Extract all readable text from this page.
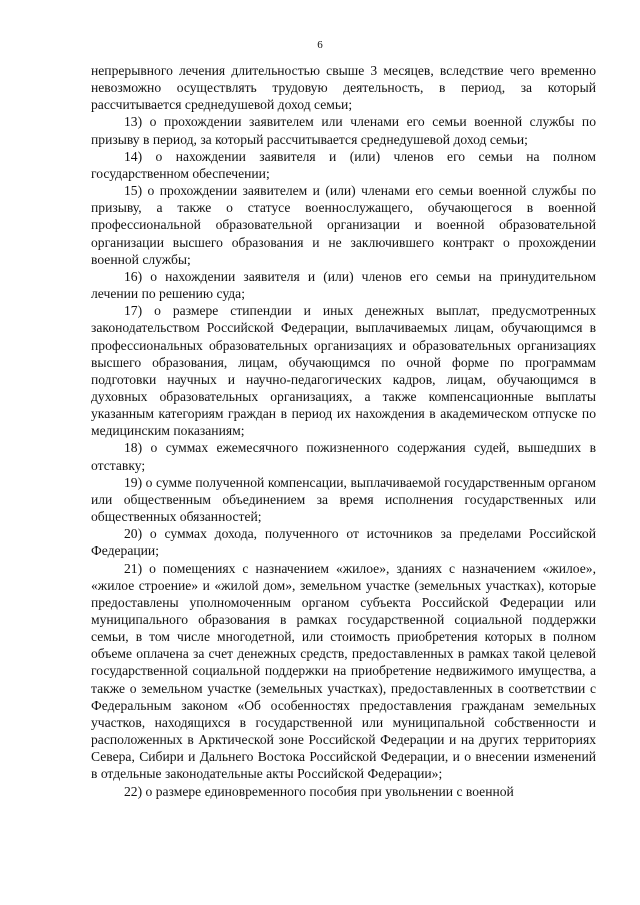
6

непрерывного лечения длительностью свыше 3 месяцев, вследствие чего временно невозможно осуществлять трудовую деятельность, в период, за который рассчитывается среднедушевой доход семьи;

13) о прохождении заявителем или членами его семьи военной службы по призыву в период, за который рассчитывается среднедушевой доход семьи;

14) о нахождении заявителя и (или) членов его семьи на полном государственном обеспечении;

15) о прохождении заявителем и (или) членами его семьи военной службы по призыву, а также о статусе военнослужащего, обучающегося в военной профессиональной образовательной организации и военной образовательной организации высшего образования и не заключившего контракт о прохождении военной службы;

16) о нахождении заявителя и (или) членов его семьи на принудительном лечении по решению суда;

17) о размере стипендии и иных денежных выплат, предусмотренных законодательством Российской Федерации, выплачиваемых лицам, обучающимся в профессиональных образовательных организациях и образовательных организациях высшего образования, лицам, обучающимся по очной форме по программам подготовки научных и научно-педагогических кадров, лицам, обучающимся в духовных образовательных организациях, а также компенсационные выплаты указанным категориям граждан в период их нахождения в академическом отпуске по медицинским показаниям;

18) о суммах ежемесячного пожизненного содержания судей, вышедших в отставку;

19) о сумме полученной компенсации, выплачиваемой государственным органом или общественным объединением за время исполнения государственных или общественных обязанностей;

20) о суммах дохода, полученного от источников за пределами Российской Федерации;

21) о помещениях с назначением «жилое», зданиях с назначением «жилое», «жилое строение» и «жилой дом», земельном участке (земельных участках), которые предоставлены уполномоченным органом субъекта Российской Федерации или муниципального образования в рамках государственной социальной поддержки семьи, в том числе многодетной, или стоимость приобретения которых в полном объеме оплачена за счет денежных средств, предоставленных в рамках такой целевой государственной социальной поддержки на приобретение недвижимого имущества, а также о земельном участке (земельных участках), предоставленных в соответствии с Федеральным законом «Об особенностях предоставления гражданам земельных участков, находящихся в государственной или муниципальной собственности и расположенных в Арктической зоне Российской Федерации и на других территориях Севера, Сибири и Дальнего Востока Российской Федерации, и о внесении изменений в отдельные законодательные акты Российской Федерации»;

22) о размере единовременного пособия при увольнении с военной
